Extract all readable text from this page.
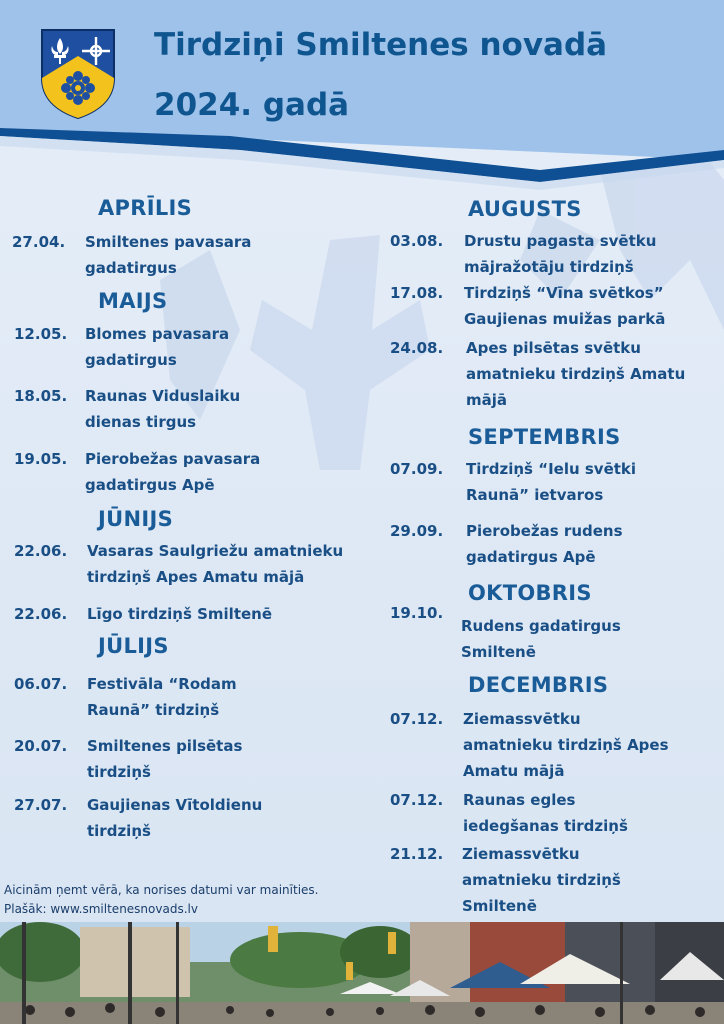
Tirdziņi Smiltenes novadā
2024. gadā
APRĪLIS
27.04. Smiltenes pavasara
gadatirgus
MAIJS
12.05. Blomes pavasara
gadatirgus
18.05. Raunas Viduslaiku
dienas tirgus
19.05. Pierobežas pavasara
gadatirgus Apē
JŪNIJS
22.06. Vasaras Saulgriežu amatnieku
tirdziņš Apes Amatu mājā
22.06. Līgo tirdziņš Smiltenē
JŪLIJS
06.07. Festivāla “Rodam
Raunā” tirdziņš
20.07. Smiltenes pilsētas
tirdziņš
27.07. Gaujienas Vītoldienu
tirdziņš
AUGUSTS
03.08. Drustu pagasta svētku
mājražotāju tirdziņš
17.08. Tirdziņš “Vīna svētkos”
Gaujienas muižas parkā
24.08. Apes pilsētas svētku
amatnieku tirdziņš Amatu
mājā
SEPTEMBRIS
07.09. Tirdziņš “Ielu svētki
Raunā” ietvaros
29.09. Pierobežas rudens
gadatirgus Apē
OKTOBRIS
19.10.
Rudens gadatirgus
Smiltenē
DECEMBRIS
07.12. Ziemassvētku
amatnieku tirdziņš Apes
Amatu mājā
07.12. Raunas egles
iedegšanas tirdziņš
21.12. Ziemassvētku
amatnieku tirdziņš
Smiltenē
Aicinām ņemt vērā, ka norises datumi var mainīties.
Plašāk: www.smiltenesnovads.lv
